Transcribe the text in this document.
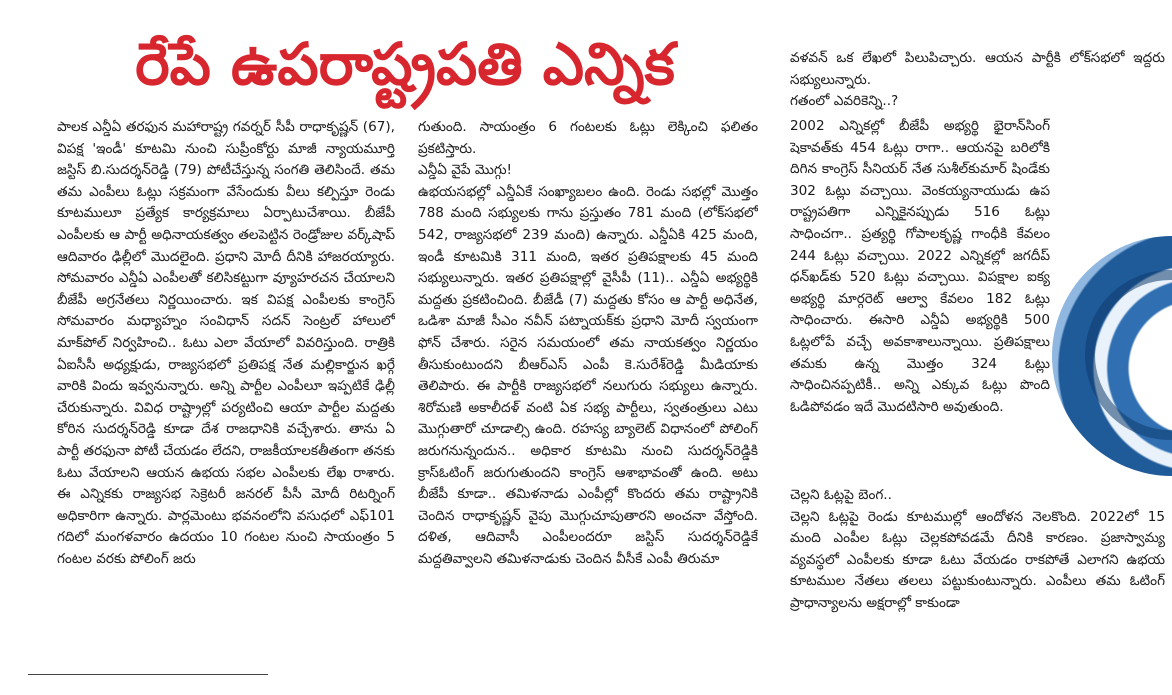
రేపే ఉపరాష్ట్రపతి ఎన్నిక

పాలక ఎన్డీఏ తరఫున మహారాష్ట్ర గవర్నర్ సీపీ రాధాకృష్ణన్ (67), విపక్ష 'ఇండీ' కూటమి నుంచి సుప్రీంకోర్టు మాజీ న్యాయమూర్తి జస్టిస్ బి.సుదర్శన్‌రెడ్డి (79) పోటీచేస్తున్న సంగతి తెలిసిందే. తమ తమ ఎంపీలు ఓట్లు సక్రమంగా వేసేందుకు వీలు కల్పిస్తూ రెండు కూటములూ ప్రత్యేక కార్యక్రమాలు ఏర్పాటుచేశాయి. బీజేపీ ఎంపీలకు ఆ పార్టీ అధినాయకత్వం తలపెట్టిన రెండ్రోజుల వర్క్‌షాప్ ఆదివారం ఢిల్లీలో మొదలైంది. ప్రధాని మోదీ దీనికి హాజరయ్యారు. సోమవారం ఎన్డీఏ ఎంపీలతో కలిసికట్టుగా వ్యూహరచన చేయాలని బీజేపీ అగ్రనేతలు నిర్ణయించారు. ఇక విపక్ష ఎంపీలకు కాంగ్రెస్ సోమవారం మధ్యాహ్నం సంవిధాన్ సదన్ సెంట్రల్ హాలులో మాక్‌పోల్ నిర్వహించి.. ఓటు ఎలా వేయాలో వివరిస్తుంది. రాత్రికి ఏఐసీసీ అధ్యక్షుడు, రాజ్యసభలో ప్రతిపక్ష నేత మల్లికార్జున ఖర్గే వారికి విందు ఇవ్వనున్నారు. అన్ని పార్టీల ఎంపీలూ ఇప్పటికే ఢిల్లీ చేరుకున్నారు. వివిధ రాష్ట్రాల్లో పర్యటించి ఆయా పార్టీల మద్దతు కోరిన సుదర్శన్‌రెడ్డి కూడా దేశ రాజధానికి వచ్చేశారు. తాను ఏ పార్టీ తరఫునా పోటీ చేయడం లేదని, రాజకీయాలకతీతంగా తనకు ఓటు వేయాలని ఆయన ఉభయ సభల ఎంపీలకు లేఖ రాశారు. ఈ ఎన్నికకు రాజ్యసభ సెక్రెటరీ జనరల్ పీసీ మోదీ రిటర్నింగ్ అధికారిగా ఉన్నారు. పార్లమెంటు భవనంలోని వసుధలో ఎఫ్101 గదిలో మంగళవారం ఉదయం 10 గంటల నుంచి సాయంత్రం 5 గంటల వరకు పోలింగ్ జరు

గుతుంది. సాయంత్రం 6 గంటలకు ఓట్లు లెక్కించి ఫలితం ప్రకటిస్తారు.

ఎన్డీఏ వైపే మొగ్గు!

ఉభయసభల్లో ఎన్డీఏకే సంఖ్యాబలం ఉంది. రెండు సభల్లో మొత్తం 788 మంది సభ్యులకు గాను ప్రస్తుతం 781 మంది (లోక్‌సభలో 542, రాజ్యసభలో 239 మంది) ఉన్నారు. ఎన్డీఏకి 425 మంది, ఇండీ కూటమికి 311 మంది, ఇతర ప్రతిపక్షాలకు 45 మంది సభ్యులున్నారు. ఇతర ప్రతిపక్షాల్లో వైసీపీ (11).. ఎన్డీఏ అభ్యర్థికి మద్దతు ప్రకటించింది. బీజేడీ (7) మద్దతు కోసం ఆ పార్టీ అధినేత, ఒడిశా మాజీ సీఎం నవీన్ పట్నాయక్‌కు ప్రధాని మోదీ స్వయంగా ఫోన్ చేశారు. సరైన సమయంలో తమ నాయకత్వం నిర్ణయం తీసుకుంటుందని బీఆర్ఎస్ ఎంపీ కె.సురేశ్‌రెడ్డి మీడియాకు తెలిపారు. ఈ పార్టీకి రాజ్యసభలో నలుగురు సభ్యులు ఉన్నారు. శిరోమణి అకాలీదళ్ వంటి ఏక సభ్య పార్టీలు, స్వతంత్రులు ఎటు మొగ్గుతారో చూడాల్సి ఉంది. రహస్య బ్యాలెట్ విధానంలో పోలింగ్ జరుగనున్నందున.. అధికార కూటమి నుంచి సుదర్శన్‌రెడ్డికి క్రాస్‌ఓటింగ్ జరుగుతుందని కాంగ్రెస్ ఆశాభావంతో ఉంది. అటు బీజేపీ కూడా.. తమిళనాడు ఎంపీల్లో కొందరు తమ రాష్ట్రానికి చెందిన రాధాకృష్ణన్ వైపు మొగ్గుచూపుతారని అంచనా వేస్తోంది. దళిత, ఆదివాసీ ఎంపీలందరూ జస్టిస్ సుదర్శన్‌రెడ్డికే మద్దతివ్వాలని తమిళనాడుకు చెందిన వీసీకే ఎంపీ తిరుమా

వళవన్ ఒక లేఖలో పిలుపిచ్చారు. ఆయన పార్టీకి లోక్‌సభలో ఇద్దరు సభ్యులున్నారు.

గతంలో ఎవరికెన్ని..?

2002 ఎన్నికల్లో బీజేపీ అభ్యర్థి భైరాన్‌సింగ్ షెకావత్‌కు 454 ఓట్లు రాగా.. ఆయనపై బరిలోకి దిగిన కాంగ్రెస్ సీనియర్ నేత సుశీల్‌కుమార్ షిండేకు 302 ఓట్లు వచ్చాయి. వెంకయ్యనాయుడు ఉప రాష్ట్రపతిగా ఎన్నికైనప్పుడు 516 ఓట్లు సాధించగా.. ప్రత్యర్థి గోపాలకృష్ణ గాంధీకి కేవలం 244 ఓట్లు వచ్చాయి. 2022 ఎన్నికల్లో జగదీప్ ధన్‌ఖడ్‌కు 520 ఓట్లు వచ్చాయి. విపక్షాల ఐక్య అభ్యర్థి మార్గరెట్ ఆల్వా కేవలం 182 ఓట్లు సాధించారు. ఈసారి ఎన్డీఏ అభ్యర్థికి 500 ఓట్లలోపే వచ్చే అవకాశాలున్నాయి. ప్రతిపక్షాలు తమకు ఉన్న మొత్తం 324 ఓట్లు సాధించినప్పటికీ.. అన్ని ఎక్కువ ఓట్లు పొంది ఓడిపోవడం ఇదే మొదటిసారి అవుతుంది.

చెల్లని ఓట్లపై బెంగ..

చెల్లని ఓట్లపై రెండు కూటముల్లో ఆందోళన నెలకొంది. 2022లో 15 మంది ఎంపీల ఓట్లు చెల్లకపోవడమే దీనికి కారణం. ప్రజాస్వామ్య వ్యవస్థలో ఎంపీలకు కూడా ఓటు వేయడం రాకపోతే ఎలాగని ఉభయ కూటముల నేతలు తలలు పట్టుకుంటున్నారు. ఎంపీలు తమ ఓటింగ్ ప్రాధాన్యాలను అక్షరాల్లో కాకుండా
